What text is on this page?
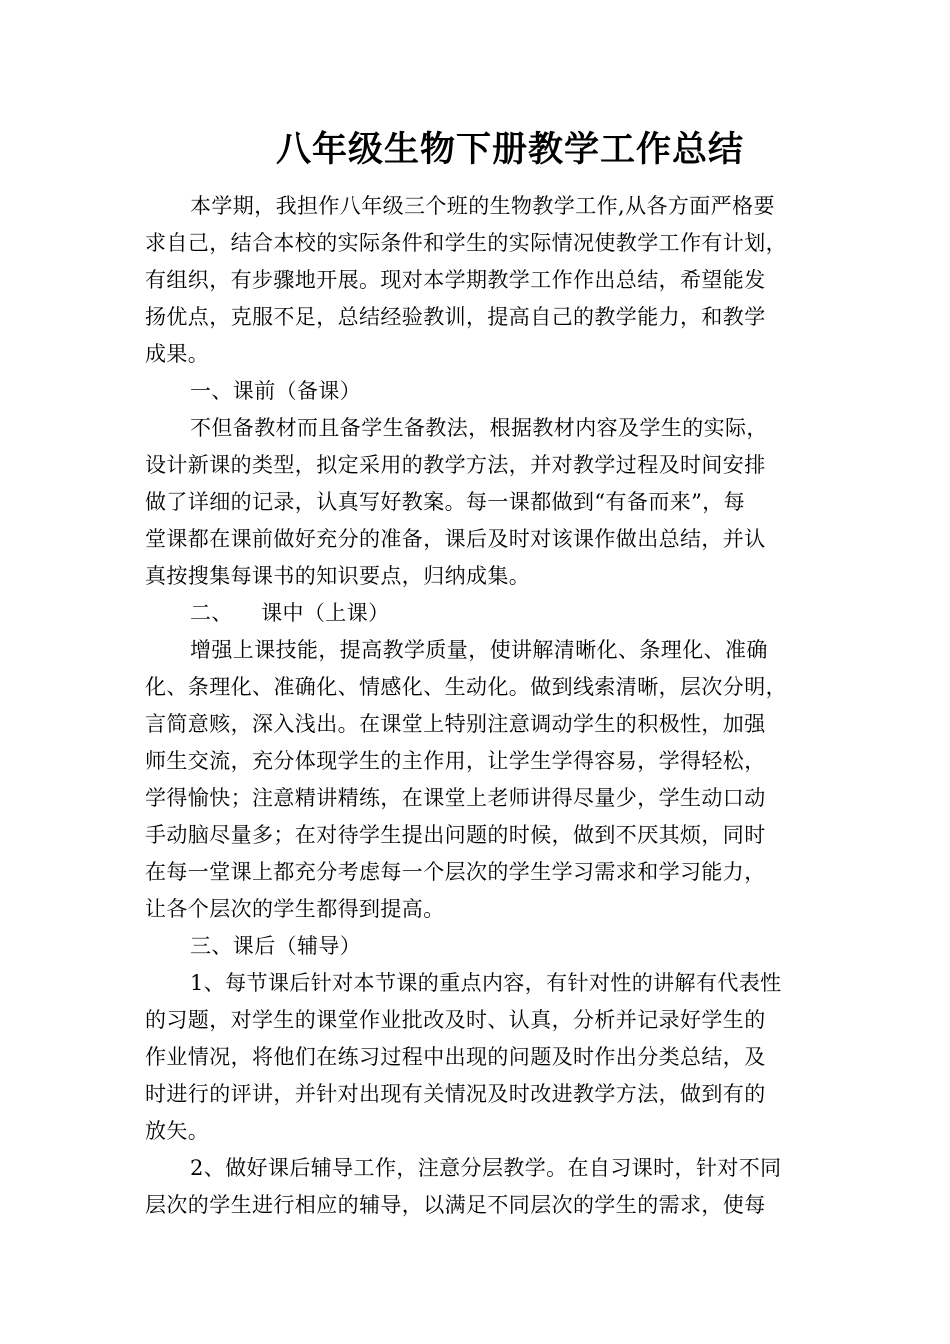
八年级生物下册教学工作总结
本学期，我担作八年级三个班的生物教学工作,从各方面严格要
求自己，结合本校的实际条件和学生的实际情况使教学工作有计划，
有组织，有步骤地开展。现对本学期教学工作作出总结，希望能发
扬优点，克服不足，总结经验教训，提高自己的教学能力，和教学
成果。
一、课前（备课）
不但备教材而且备学生备教法，根据教材内容及学生的实际，
设计新课的类型，拟定采用的教学方法，并对教学过程及时间安排
做了详细的记录，认真写好教案。每一课都做到“有备而来”，每
堂课都在课前做好充分的准备，课后及时对该课作做出总结，并认
真按搜集每课书的知识要点，归纳成集。
二、    课中（上课）
增强上课技能，提高教学质量，使讲解清晰化、条理化、准确
化、条理化、准确化、情感化、生动化。做到线索清晰，层次分明，
言简意赅，深入浅出。在课堂上特别注意调动学生的积极性，加强
师生交流，充分体现学生的主作用，让学生学得容易，学得轻松，
学得愉快；注意精讲精练，在课堂上老师讲得尽量少，学生动口动
手动脑尽量多；在对待学生提出问题的时候，做到不厌其烦，同时
在每一堂课上都充分考虑每一个层次的学生学习需求和学习能力，
让各个层次的学生都得到提高。
三、课后（辅导）
1、每节课后针对本节课的重点内容，有针对性的讲解有代表性
的习题，对学生的课堂作业批改及时、认真，分析并记录好学生的
作业情况，将他们在练习过程中出现的问题及时作出分类总结，及
时进行的评讲，并针对出现有关情况及时改进教学方法，做到有的
放矢。
2、做好课后辅导工作，注意分层教学。在自习课时，针对不同
层次的学生进行相应的辅导，以满足不同层次的学生的需求，使每
